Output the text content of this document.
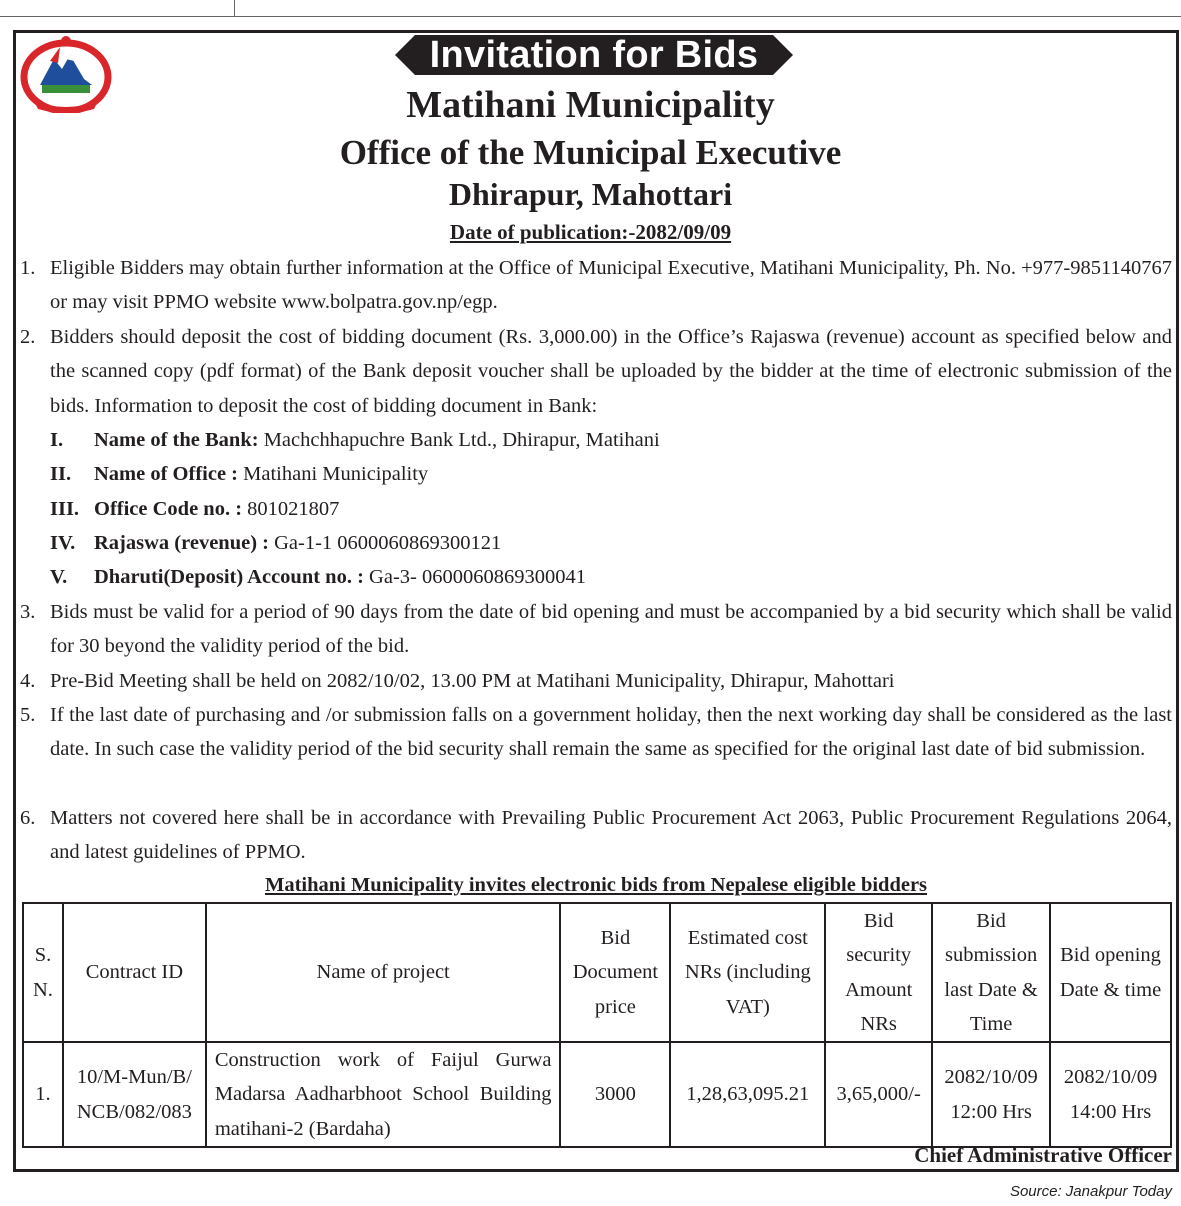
Invitation for Bids
Matihani Municipality
Office of the Municipal Executive
Dhirapur, Mahottari
Date of publication:-2082/09/09
1. Eligible Bidders may obtain further information at the Office of Municipal Executive, Matihani Municipality, Ph. No. +977-9851140767 or may visit PPMO website www.bolpatra.gov.np/egp.
2. Bidders should deposit the cost of bidding document (Rs. 3,000.00) in the Office’s Rajaswa (revenue) account as specified below and the scanned copy (pdf format) of the Bank deposit voucher shall be uploaded by the bidder at the time of electronic submission of the bids. Information to deposit the cost of bidding document in Bank:
I. Name of the Bank: Machchhapuchre Bank Ltd., Dhirapur, Matihani
II. Name of Office : Matihani Municipality
III. Office Code no. : 801021807
IV. Rajaswa (revenue) : Ga-1-1 0600060869300121
V. Dharuti(Deposit) Account no. : Ga-3- 0600060869300041
3. Bids must be valid for a period of 90 days from the date of bid opening and must be accompanied by a bid security which shall be valid for 30 beyond the validity period of the bid.
4. Pre-Bid Meeting shall be held on 2082/10/02, 13.00 PM at Matihani Municipality, Dhirapur, Mahottari
5. If the last date of purchasing and /or submission falls on a government holiday, then the next working day shall be considered as the last date. In such case the validity period of the bid security shall remain the same as specified for the original last date of bid submission.
6. Matters not covered here shall be in accordance with Prevailing Public Procurement Act 2063, Public Procurement Regulations 2064, and latest guidelines of PPMO.
Matihani Municipality invites electronic bids from Nepalese eligible bidders
S. N.	Contract ID	Name of project	Bid Document price	Estimated cost NRs (including VAT)	Bid security Amount NRs	Bid submission last Date & Time	Bid opening Date & time
1.	10/M-Mun/B/ NCB/082/083	Construction work of Faijul Gurwa Madarsa Aadharbhoot School Building matihani-2 (Bardaha)	3000	1,28,63,095.21	3,65,000/-	2082/10/09 12:00 Hrs	2082/10/09 14:00 Hrs
Chief Administrative Officer
Source: Janakpur Today
